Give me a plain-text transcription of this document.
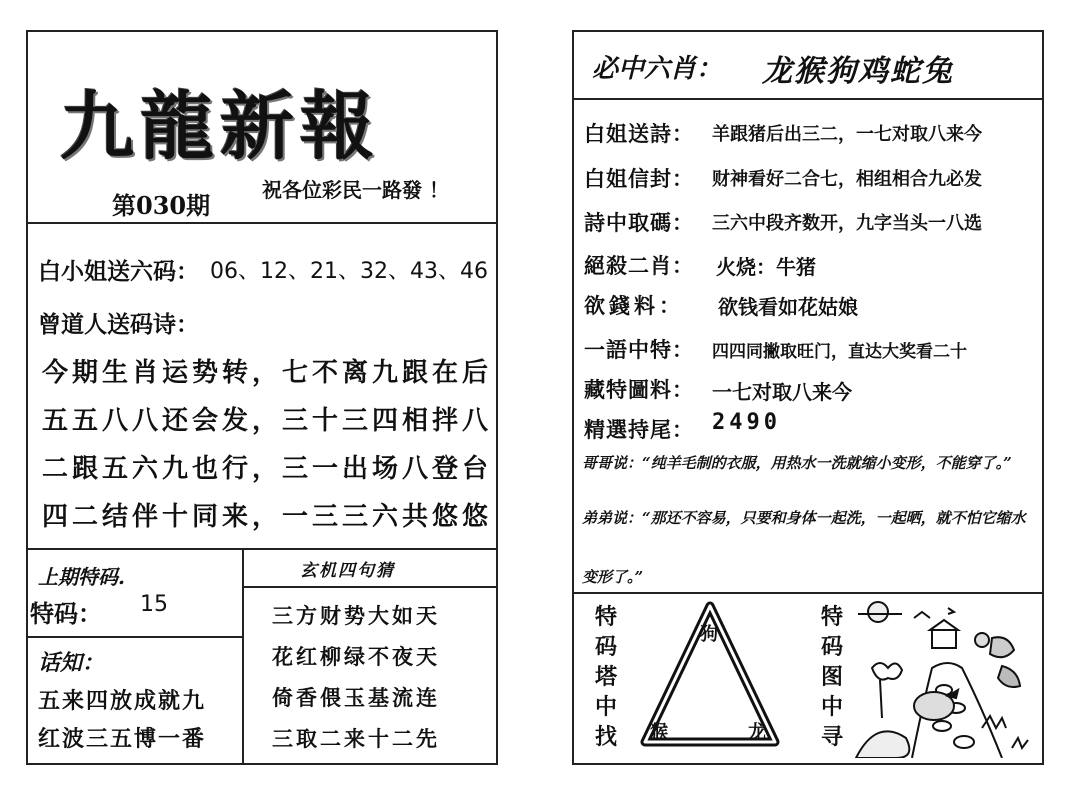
九龍新報
第030期
祝各位彩民一路發 ！
白小姐送六码： 06、12、21、32、43、46
曾道人送码诗：
今期生肖运势转，七不离九跟在后
五五八八还会发，三十三四相拌八
二跟五六九也行，三一出场八登台
四二结伴十同来，一三三六共悠悠
上期特码.
特码： 15
话知：
五来四放成就九
红波三五博一番
玄机四句猜
三方财势大如天
花红柳绿不夜天
倚香偎玉基流连
三取二来十二先
必中六肖： 龙猴狗鸡蛇兔
白姐送詩： 羊跟猪后出三二，一七对取八来今
白姐信封： 财神看好二合七，相组相合九必发
詩中取碼： 三六中段齐数开，九字当头一八选
絕殺二肖： 火烧：牛猪
欲錢料： 欲钱看如花姑娘
一語中特： 四四同撇取旺门，直达大奖看二十
藏特圖料： 一七对取八来今
精選持尾： 2490
哥哥说：“纯羊毛制的衣服，用热水一洗就缩小变形，不能穿了。”
弟弟说：“那还不容易，只要和身体一起洗，一起晒，就不怕它缩水
变形了。”
特码塔中找
狗
猴	龙
特码图中寻
